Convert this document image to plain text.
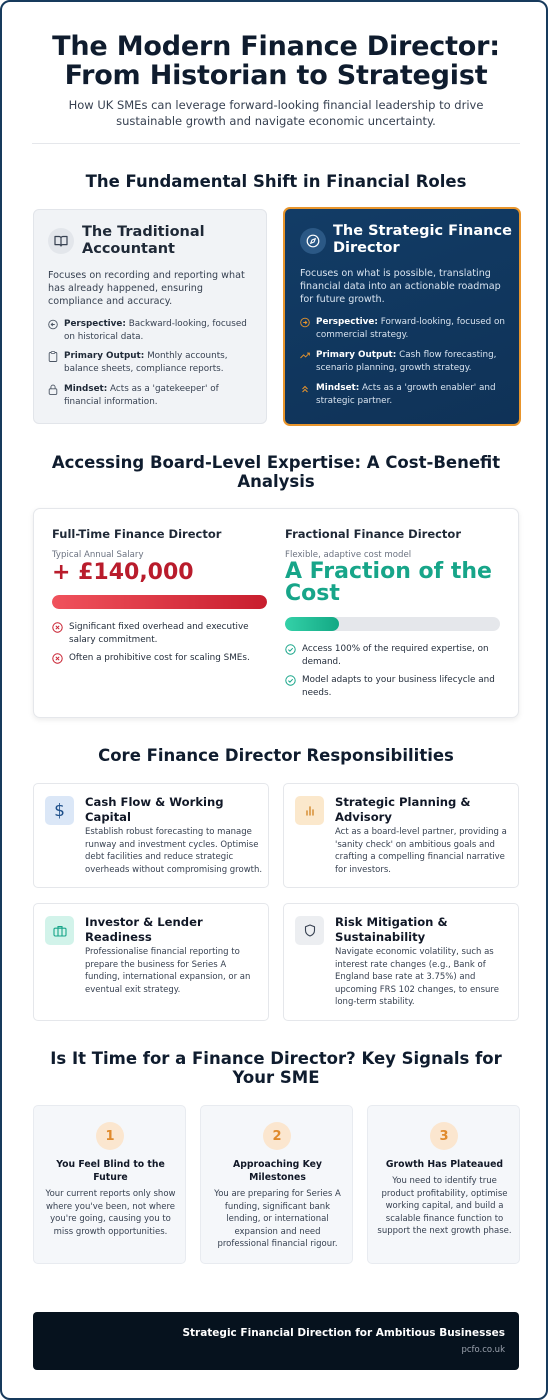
The Modern Finance Director:
From Historian to Strategist
How UK SMEs can leverage forward-looking financial leadership to drive sustainable growth and navigate economic uncertainty.
The Fundamental Shift in Financial Roles
The Traditional Accountant
Focuses on recording and reporting what has already happened, ensuring compliance and accuracy.
Perspective: Backward-looking, focused on historical data.
Primary Output: Monthly accounts, balance sheets, compliance reports.
Mindset: Acts as a 'gatekeeper' of financial information.
The Strategic Finance Director
Focuses on what is possible, translating financial data into an actionable roadmap for future growth.
Perspective: Forward-looking, focused on commercial strategy.
Primary Output: Cash flow forecasting, scenario planning, growth strategy.
Mindset: Acts as a 'growth enabler' and strategic partner.
Accessing Board-Level Expertise: A Cost-Benefit Analysis
Full-Time Finance Director
Typical Annual Salary
+ £140,000
Significant fixed overhead and executive salary commitment.
Often a prohibitive cost for scaling SMEs.
Fractional Finance Director
Flexible, adaptive cost model
A Fraction of the Cost
Access 100% of the required expertise, on demand.
Model adapts to your business lifecycle and needs.
Core Finance Director Responsibilities
$ Cash Flow & Working Capital
Establish robust forecasting to manage runway and investment cycles. Optimise debt facilities and reduce strategic overheads without compromising growth.
Strategic Planning & Advisory
Act as a board-level partner, providing a 'sanity check' on ambitious goals and crafting a compelling financial narrative for investors.
Investor & Lender Readiness
Professionalise financial reporting to prepare the business for Series A funding, international expansion, or an eventual exit strategy.
Risk Mitigation & Sustainability
Navigate economic volatility, such as interest rate changes (e.g., Bank of England base rate at 3.75%) and upcoming FRS 102 changes, to ensure long-term stability.
Is It Time for a Finance Director? Key Signals for Your SME
1
You Feel Blind to the Future
Your current reports only show where you've been, not where you're going, causing you to miss growth opportunities.
2
Approaching Key Milestones
You are preparing for Series A funding, significant bank lending, or international expansion and need professional financial rigour.
3
Growth Has Plateaued
You need to identify true product profitability, optimise working capital, and build a scalable finance function to support the next growth phase.
Strategic Financial Direction for Ambitious Businesses
pcfo.co.uk
